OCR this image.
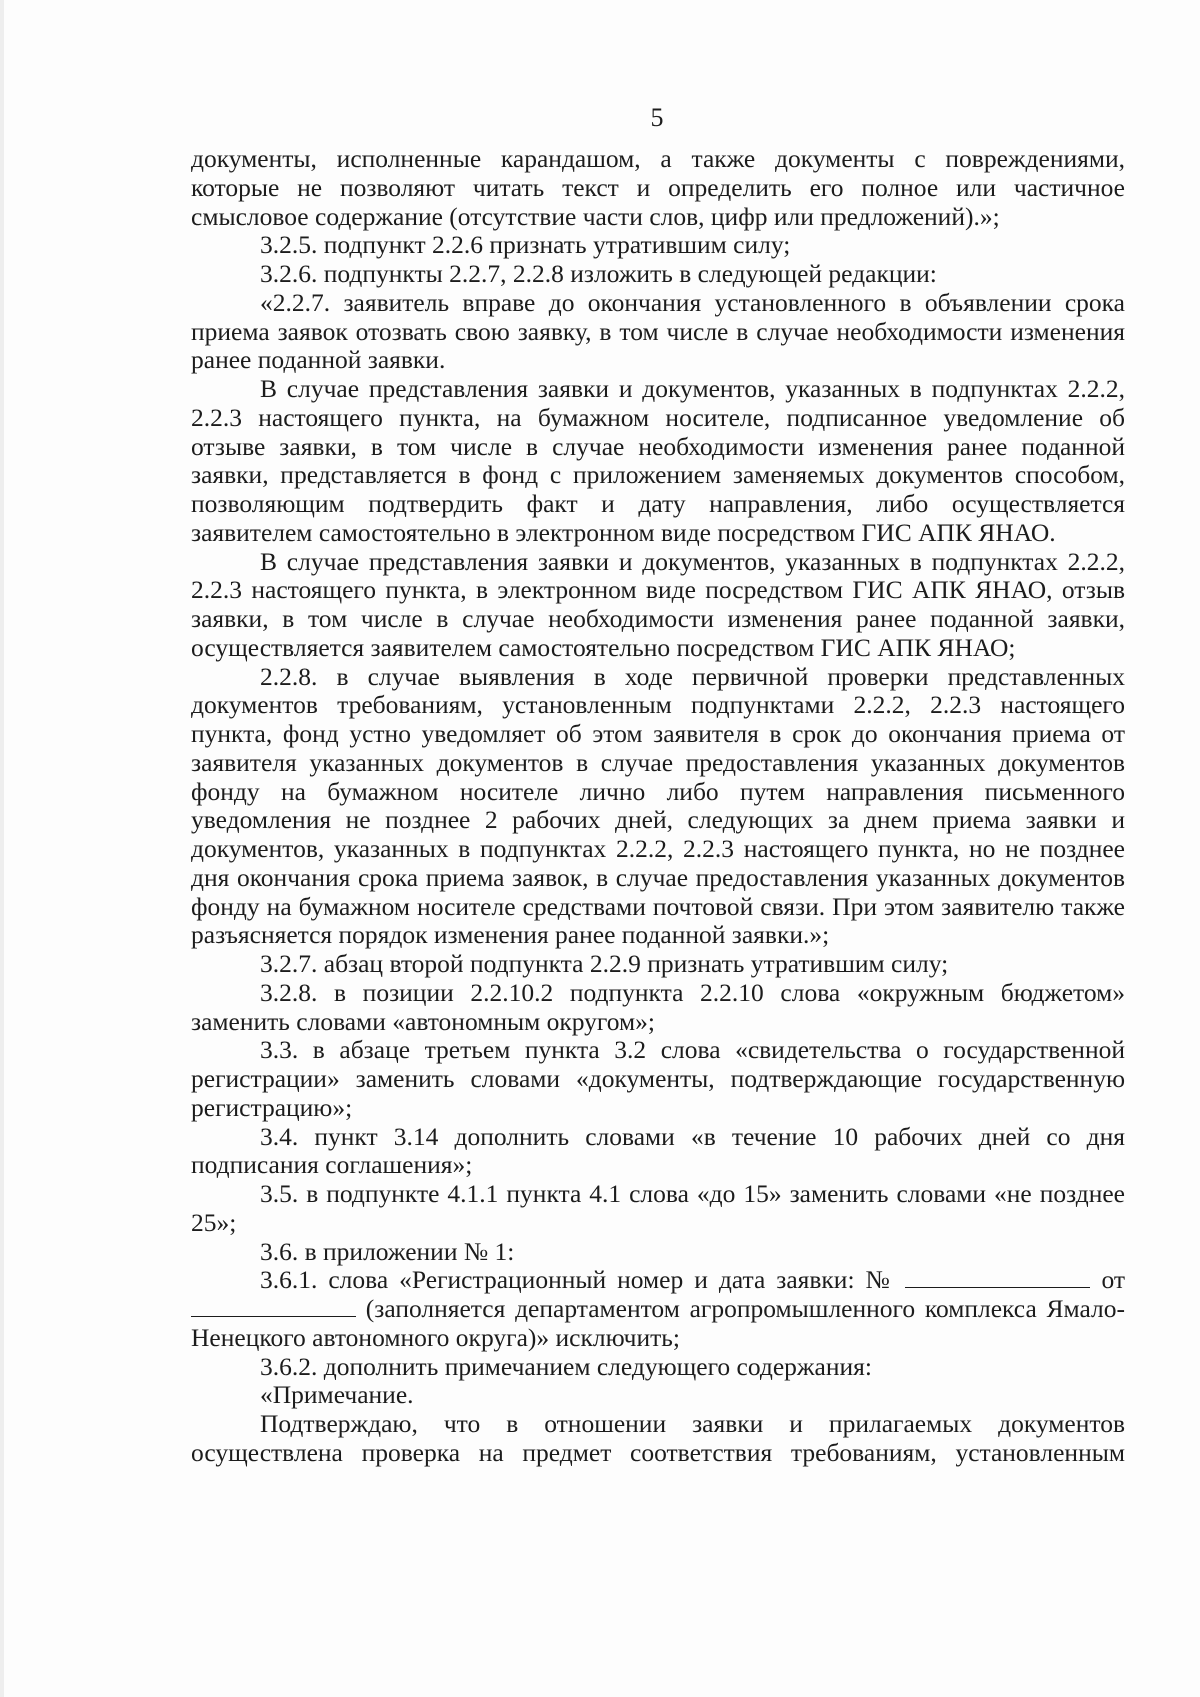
5

документы, исполненные карандашом, а также документы с повреждениями, которые не позволяют читать текст и определить его полное или частичное смысловое содержание (отсутствие части слов, цифр или предложений).»;

3.2.5. подпункт 2.2.6 признать утратившим силу;

3.2.6. подпункты 2.2.7, 2.2.8 изложить в следующей редакции:

«2.2.7. заявитель вправе до окончания установленного в объявлении срока приема заявок отозвать свою заявку, в том числе в случае необходимости изменения ранее поданной заявки.

В случае представления заявки и документов, указанных в подпунктах 2.2.2, 2.2.3 настоящего пункта, на бумажном носителе, подписанное уведомление об отзыве заявки, в том числе в случае необходимости изменения ранее поданной заявки, представляется в фонд с приложением заменяемых документов способом, позволяющим подтвердить факт и дату направления, либо осуществляется заявителем самостоятельно в электронном виде посредством ГИС АПК ЯНАО.

В случае представления заявки и документов, указанных в подпунктах 2.2.2, 2.2.3 настоящего пункта, в электронном виде посредством ГИС АПК ЯНАО, отзыв заявки, в том числе в случае необходимости изменения ранее поданной заявки, осуществляется заявителем самостоятельно посредством ГИС АПК ЯНАО;

2.2.8. в случае выявления в ходе первичной проверки представленных документов требованиям, установленным подпунктами 2.2.2, 2.2.3 настоящего пункта, фонд устно уведомляет об этом заявителя в срок до окончания приема от заявителя указанных документов в случае предоставления указанных документов фонду на бумажном носителе лично либо путем направления письменного уведомления не позднее 2 рабочих дней, следующих за днем приема заявки и документов, указанных в подпунктах 2.2.2, 2.2.3 настоящего пункта, но не позднее дня окончания срока приема заявок, в случае предоставления указанных документов фонду на бумажном носителе средствами почтовой связи. При этом заявителю также разъясняется порядок изменения ранее поданной заявки.»;

3.2.7. абзац второй подпункта 2.2.9 признать утратившим силу;

3.2.8. в позиции 2.2.10.2 подпункта 2.2.10 слова «окружным бюджетом» заменить словами «автономным округом»;

3.3. в абзаце третьем пункта 3.2 слова «свидетельства о государственной регистрации» заменить словами «документы, подтверждающие государственную регистрацию»;

3.4. пункт 3.14 дополнить словами «в течение 10 рабочих дней со дня подписания соглашения»;

3.5. в подпункте 4.1.1 пункта 4.1 слова «до 15» заменить словами «не позднее 25»;

3.6. в приложении № 1:

3.6.1. слова «Регистрационный номер и дата заявки: №	от  (заполняется департаментом агропромышленного комплекса Ямало-Ненецкого автономного округа)» исключить;

3.6.2. дополнить примечанием следующего содержания:

«Примечание.

Подтверждаю, что в отношении заявки и прилагаемых документов осуществлена проверка на предмет соответствия требованиям, установленным
